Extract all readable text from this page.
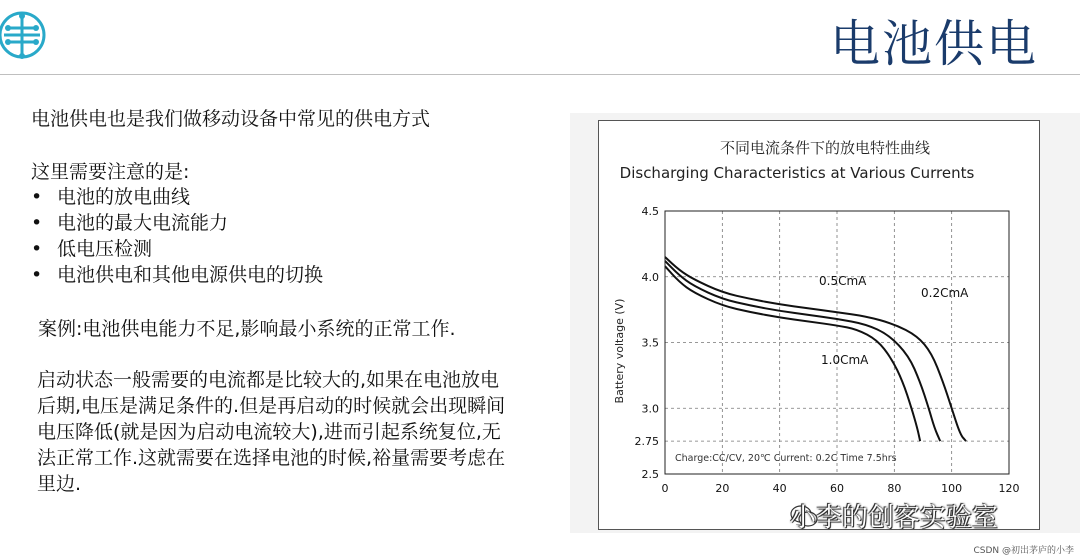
电池供电
电池供电也是我们做移动设备中常见的供电方式
这里需要注意的是:
• 电池的放电曲线
• 电池的最大电流能力
• 低电压检测
• 电池供电和其他电源供电的切换
案例:电池供电能力不足,影响最小系统的正常工作.
启动状态一般需要的电流都是比较大的,如果在电池放电
后期,电压是满足条件的.但是再启动的时候就会出现瞬间
电压降低(就是因为启动电流较大),进而引起系统复位,无
法正常工作.这就需要在选择电池的时候,裕量需要考虑在
里边.
不同电流条件下的放电特性曲线
Discharging Characteristics at Various Currents
Battery voltage (V)
0	20	40	60	80	100	120
2.5
2.75
3.0
3.5
4.0
4.5
0.2CmA
0.5CmA
1.0CmA
Charge:CC/CV, 20℃ Current: 0.2C Time 7.5hrs
小李的创客实验室
CSDN @初出茅庐的小李
